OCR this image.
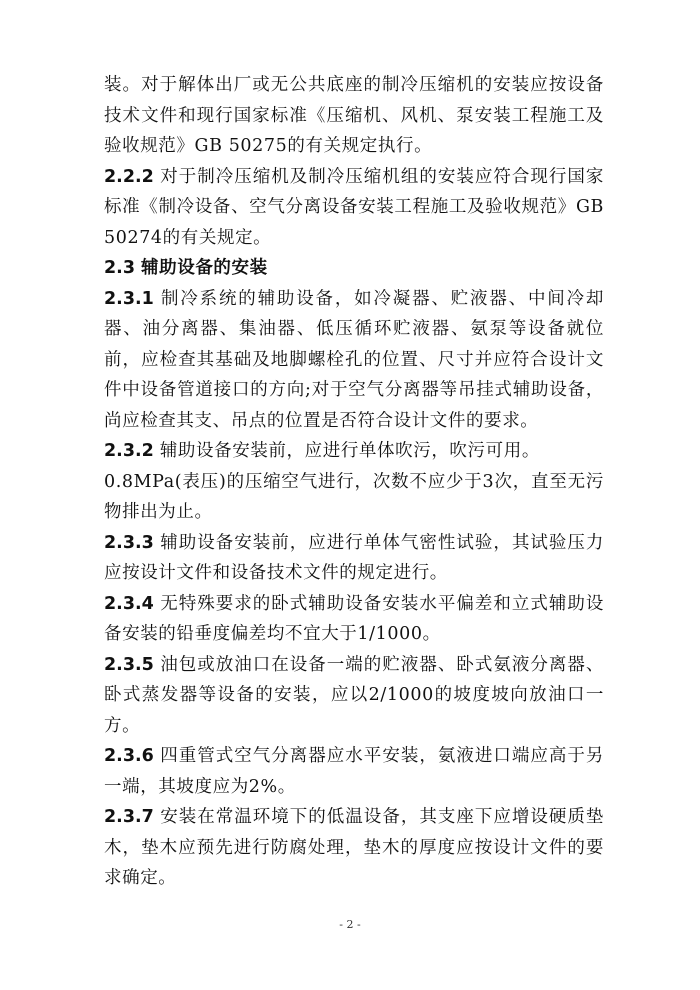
装。对于解体出厂或无公共底座的制冷压缩机的安装应按设备技术文件和现行国家标准《压缩机、风机、泵安装工程施工及验收规范》GB 50275的有关规定执行。

2.2.2 对于制冷压缩机及制冷压缩机组的安装应符合现行国家标准《制冷设备、空气分离设备安装工程施工及验收规范》GB 50274的有关规定。

2.3 辅助设备的安装

2.3.1 制冷系统的辅助设备，如冷凝器、贮液器、中间冷却器、油分离器、集油器、低压循环贮液器、氨泵等设备就位前，应检查其基础及地脚螺栓孔的位置、尺寸并应符合设计文件中设备管道接口的方向;对于空气分离器等吊挂式辅助设备，尚应检查其支、吊点的位置是否符合设计文件的要求。

2.3.2 辅助设备安装前，应进行单体吹污，吹污可用。

0.8MPa(表压)的压缩空气进行，次数不应少于3次，直至无污物排出为止。

2.3.3 辅助设备安装前，应进行单体气密性试验，其试验压力应按设计文件和设备技术文件的规定进行。

2.3.4 无特殊要求的卧式辅助设备安装水平偏差和立式辅助设备安装的铅垂度偏差均不宜大于1/1000。

2.3.5 油包或放油口在设备一端的贮液器、卧式氨液分离器、卧式蒸发器等设备的安装，应以2/1000的坡度坡向放油口一方。

2.3.6 四重管式空气分离器应水平安装，氨液进口端应高于另一端，其坡度应为2%。

2.3.7 安装在常温环境下的低温设备，其支座下应增设硬质垫木，垫木应预先进行防腐处理，垫木的厚度应按设计文件的要求确定。

- 2 -
